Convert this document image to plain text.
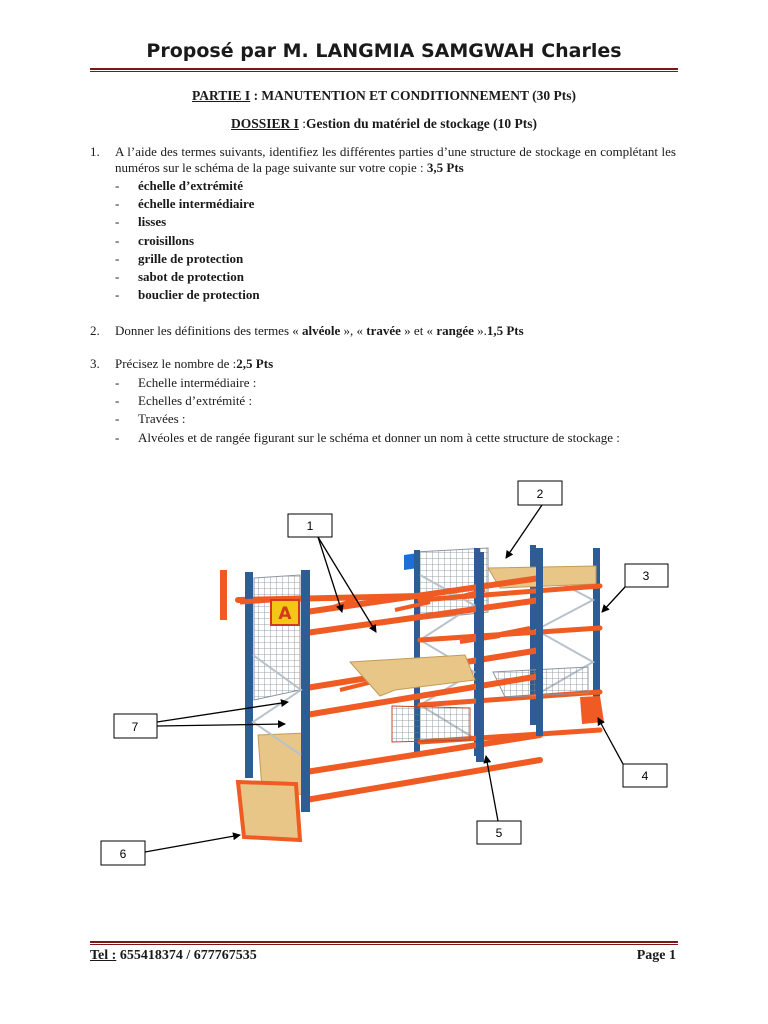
Proposé par M. LANGMIA SAMGWAH Charles
PARTIE I : MANUTENTION ET CONDITIONNEMENT (30 Pts)
DOSSIER I :Gestion du matériel de stockage (10 Pts)
1. A l’aide des termes suivants, identifiez les différentes parties d’une structure de stockage en complétant les numéros sur le schéma de la page suivante sur votre copie : 3,5 Pts
- échelle d’extrémité
- échelle intermédiaire
- lisses
- croisillons
- grille de protection
- sabot de protection
- bouclier de protection
2. Donner les définitions des termes « alvéole », « travée » et « rangée ».1,5 Pts
3. Précisez le nombre de :2,5 Pts
- Echelle intermédiaire :
- Echelles d’extrémité :
- Travées :
- Alvéoles et de rangée figurant sur le schéma et donner un nom à cette structure de stockage :
A
1
2
3
4
5
6
7
Tel : 655418374 / 677767535	Page 1
